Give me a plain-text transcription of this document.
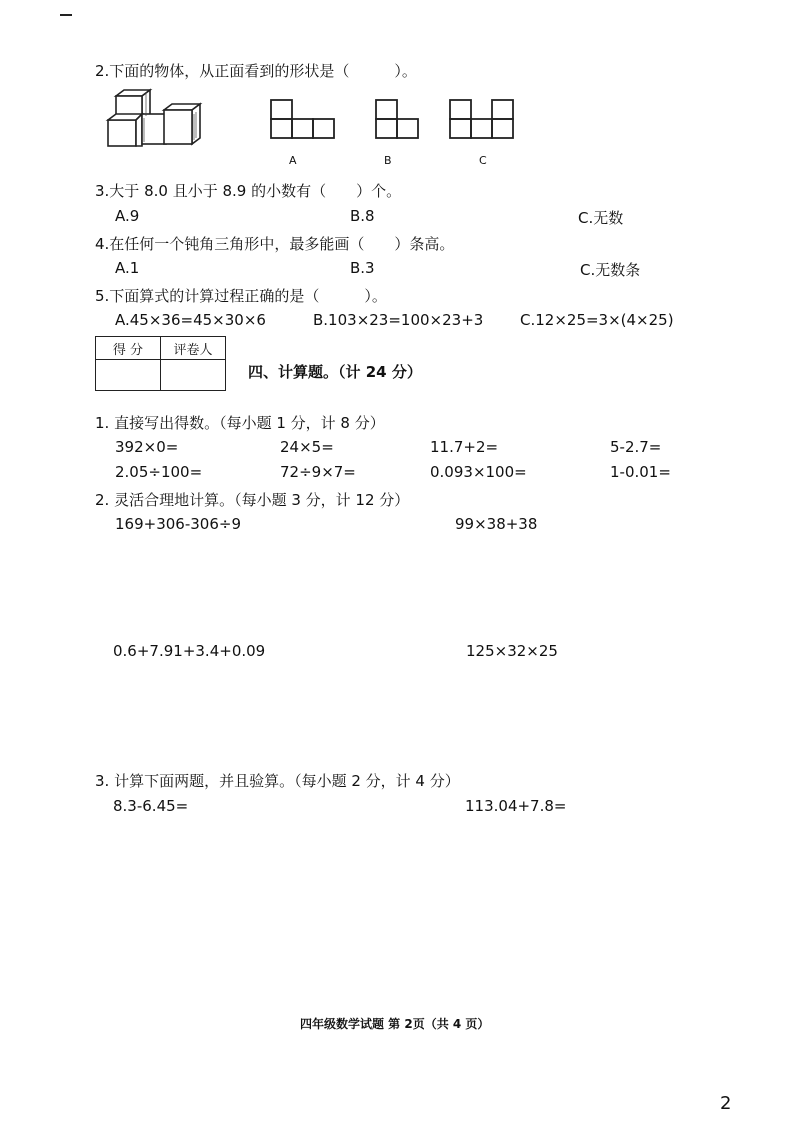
2.下面的物体，从正面看到的形状是（　　　）。
A	B	C
3.大于 8.0 且小于 8.9 的小数有（　　）个。
A.9	B.8	C.无数
4.在任何一个钝角三角形中，最多能画（　　）条高。
A.1	B.3	C.无数条
5.下面算式的计算过程正确的是（　　　）。
A.45×36=45×30×6	B.103×23=100×23+3 C.12×25=3×(4×25)
得 分	评卷人

四、计算题。（计 24 分）
1. 直接写出得数。（每小题 1 分，计 8 分）
392×0=	24×5=	11.7+2=	5-2.7=
2.05÷100=	72÷9×7=	0.093×100=	1-0.01=
2. 灵活合理地计算。（每小题 3 分，计 12 分）
169+306-306÷9	99×38+38
0.6+7.91+3.4+0.09	125×32×25
3. 计算下面两题，并且验算。（每小题 2 分，计 4 分）
8.3-6.45=	113.04+7.8=
四年级数学试题 第 2页（共 4 页）
2
